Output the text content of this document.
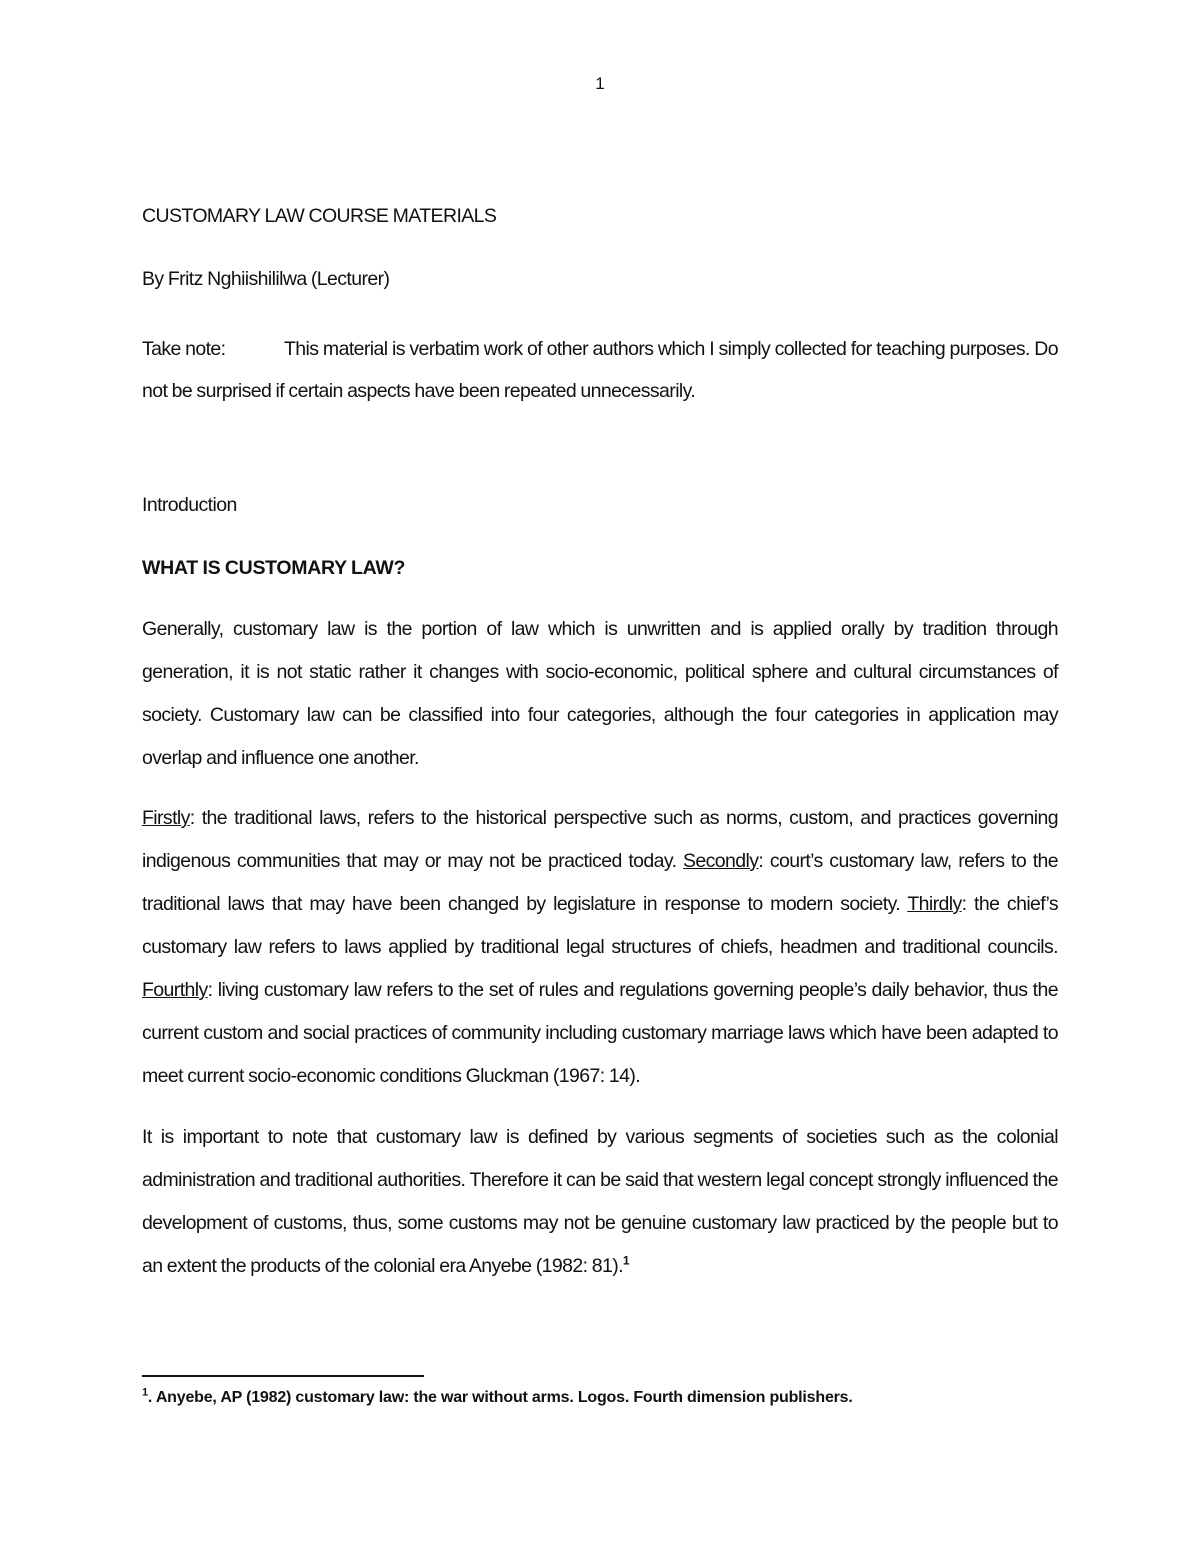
1
CUSTOMARY LAW COURSE MATERIALS

By Fritz Nghiishililwa (Lecturer)

Take note:	This material is verbatim work of other authors which I simply collected for teaching purposes. Do not be surprised if certain aspects have been repeated unnecessarily.

Introduction
WHAT IS CUSTOMARY LAW?

Generally, customary law is the portion of law which is unwritten and is applied orally by tradition through generation, it is not static rather it changes with socio-economic, political sphere and cultural circumstances of society. Customary law can be classified into four categories, although the four categories in application may overlap and influence one another.

Firstly: the traditional laws, refers to the historical perspective such as norms, custom, and practices governing indigenous communities that may or may not be practiced today. Secondly: court’s customary law, refers to the traditional laws that may have been changed by legislature in response to modern society. Thirdly: the chief’s customary law refers to laws applied by traditional legal structures of chiefs, headmen and traditional councils. Fourthly: living customary law refers to the set of rules and regulations governing people’s daily behavior, thus the current custom and social practices of community including customary marriage laws which have been adapted to meet current socio-economic conditions Gluckman (1967: 14).

It is important to note that customary law is defined by various segments of societies such as the colonial administration and traditional authorities. Therefore it can be said that western legal concept strongly influenced the development of customs, thus, some customs may not be genuine customary law practiced by the people but to an extent the products of the colonial era Anyebe (1982: 81).$^1$

$^1$. Anyebe, AP (1982) customary law: the war without arms. Logos. Fourth dimension publishers.
